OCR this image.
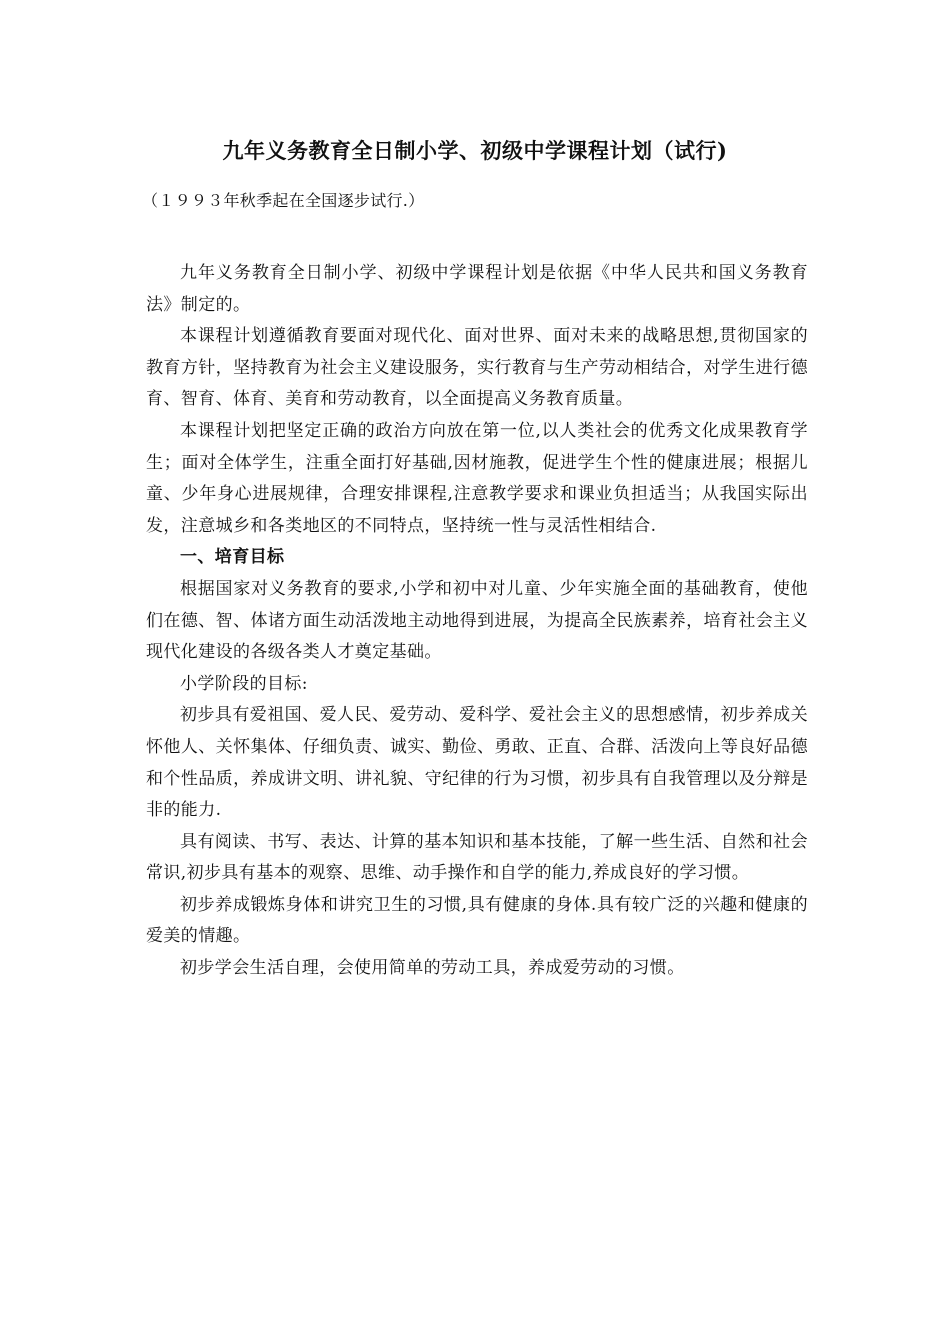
九年义务教育全日制小学、初级中学课程计划（试行)
（１９９３年秋季起在全国逐步试行.）

九年义务教育全日制小学、初级中学课程计划是依据《中华人民共和国义务教育法》制定的。

本课程计划遵循教育要面对现代化、面对世界、面对未来的战略思想,贯彻国家的教育方针，坚持教育为社会主义建设服务，实行教育与生产劳动相结合，对学生进行德育、智育、体育、美育和劳动教育，以全面提高义务教育质量。

本课程计划把坚定正确的政治方向放在第一位,以人类社会的优秀文化成果教育学生；面对全体学生，注重全面打好基础,因材施教，促进学生个性的健康进展；根据儿童、少年身心进展规律，合理安排课程,注意教学要求和课业负担适当；从我国实际出发，注意城乡和各类地区的不同特点，坚持统一性与灵活性相结合.

一、培育目标

根据国家对义务教育的要求,小学和初中对儿童、少年实施全面的基础教育，使他们在德、智、体诸方面生动活泼地主动地得到进展，为提高全民族素养，培育社会主义现代化建设的各级各类人才奠定基础。

小学阶段的目标:

初步具有爱祖国、爱人民、爱劳动、爱科学、爱社会主义的思想感情，初步养成关怀他人、关怀集体、仔细负责、诚实、勤俭、勇敢、正直、合群、活泼向上等良好品德和个性品质，养成讲文明、讲礼貌、守纪律的行为习惯，初步具有自我管理以及分辩是非的能力.

具有阅读、书写、表达、计算的基本知识和基本技能，了解一些生活、自然和社会常识,初步具有基本的观察、思维、动手操作和自学的能力,养成良好的学习惯。

初步养成锻炼身体和讲究卫生的习惯,具有健康的身体.具有较广泛的兴趣和健康的爱美的情趣。

初步学会生活自理，会使用简单的劳动工具，养成爱劳动的习惯。
